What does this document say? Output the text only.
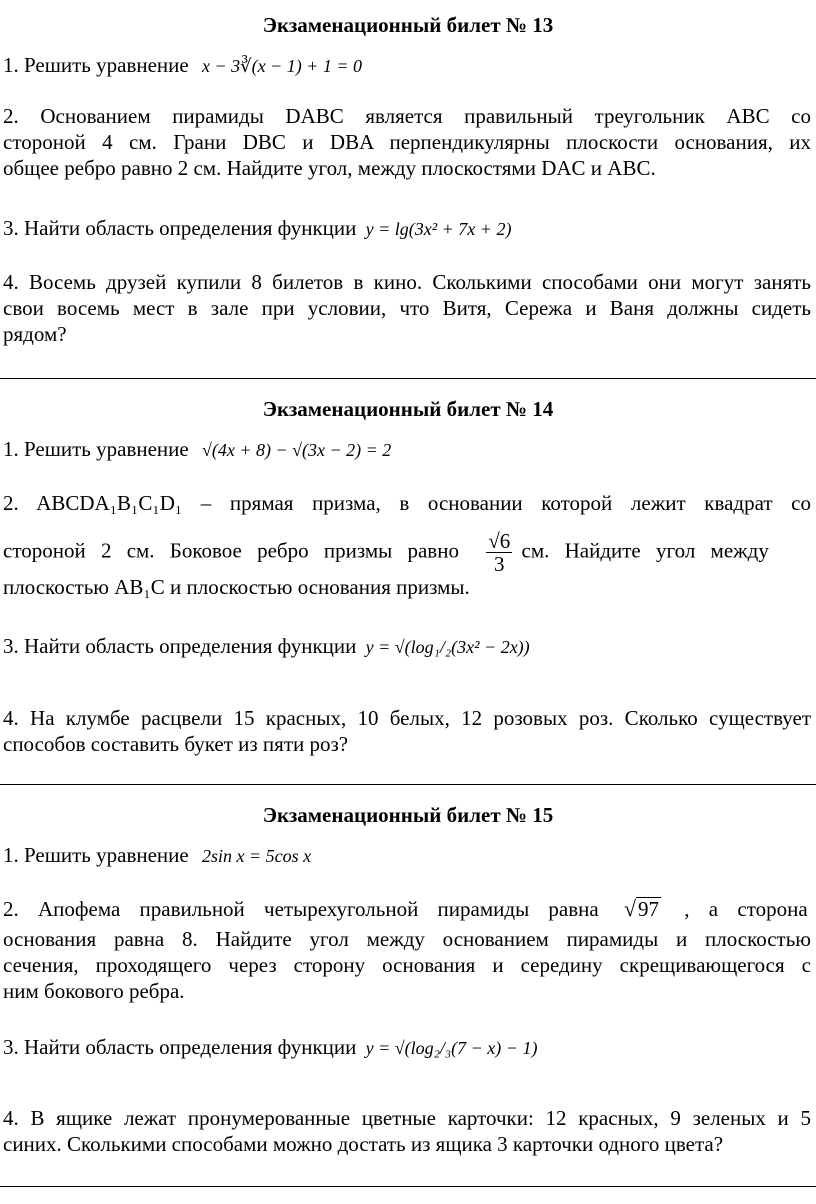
Экзаменационный билет № 13
1. Решить уравнение x − 3∛(x − 1) + 1 = 0
2. Основанием пирамиды DABC является правильный треугольник ABC со
стороной 4 см. Грани DBC и DBA перпендикулярны плоскости основания, их
общее ребро равно 2 см. Найдите угол, между плоскостями DAC и ABC.
3. Найти область определения функции y = lg(3x² + 7x + 2)
4. Восемь друзей купили 8 билетов в кино. Сколькими способами они могут занять
свои восемь мест в зале при условии, что Витя, Сережа и Ваня должны сидеть
рядом?
Экзаменационный билет № 14
1. Решить уравнение √(4x + 8) − √(3x − 2) = 2
2. ABCDA₁B₁C₁D₁ – прямая призма, в основании которой лежит квадрат со
стороной 2 см. Боковое ребро призмы равно $\frac{√6}{3}$ см. Найдите угол между
плоскостью AB₁C и плоскостью основания призмы.
3. Найти область определения функции y = √(log₁/₂(3x² − 2x))
4. На клумбе расцвели 15 красных, 10 белых, 12 розовых роз. Сколько существует
способов составить букет из пяти роз?
Экзаменационный билет № 15
1. Решить уравнение 2sin x = 5cos x
2. Апофема правильной четырехугольной пирамиды равна √97 , а сторона
основания равна 8. Найдите угол между основанием пирамиды и плоскостью
сечения, проходящего через сторону основания и середину скрещивающегося с
ним бокового ребра.
3. Найти область определения функции y = √(log₂/₃(7 − x) − 1)
4. В ящике лежат пронумерованные цветные карточки: 12 красных, 9 зеленых и 5
синих. Сколькими способами можно достать из ящика 3 карточки одного цвета?
